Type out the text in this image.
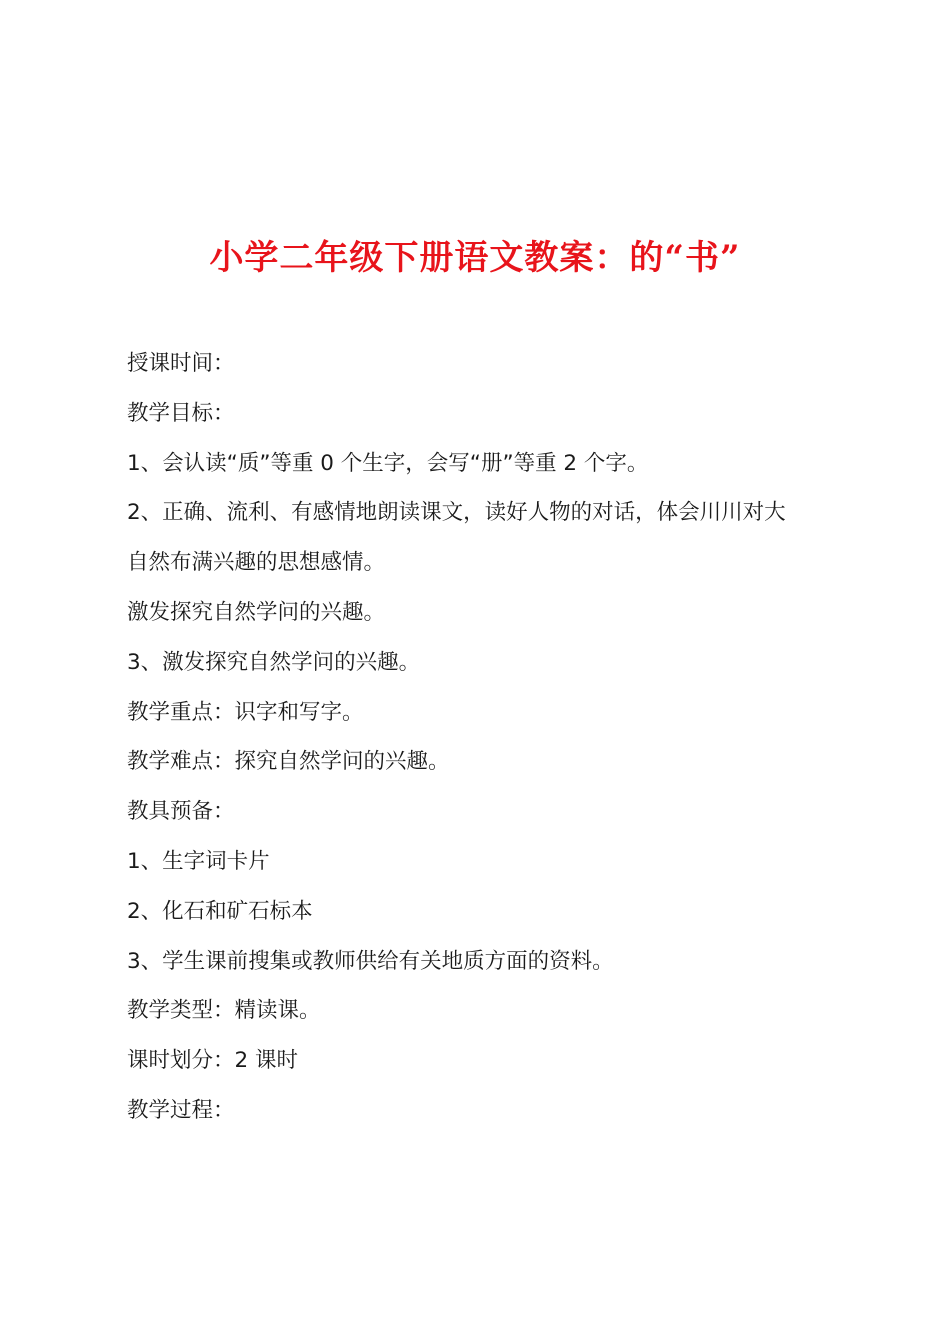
小学二年级下册语文教案：的“书”

授课时间：

教学目标：

1、会认读“质”等重 0 个生字，会写“册”等重 2 个字。

2、正确、流利、有感情地朗读课文，读好人物的对话，体会川川对大

自然布满兴趣的思想感情。

激发探究自然学问的兴趣。

3、激发探究自然学问的兴趣。

教学重点：识字和写字。

教学难点：探究自然学问的兴趣。

教具预备：

1、生字词卡片

2、化石和矿石标本

3、学生课前搜集或教师供给有关地质方面的资料。

教学类型：精读课。

课时划分：2 课时

教学过程：
